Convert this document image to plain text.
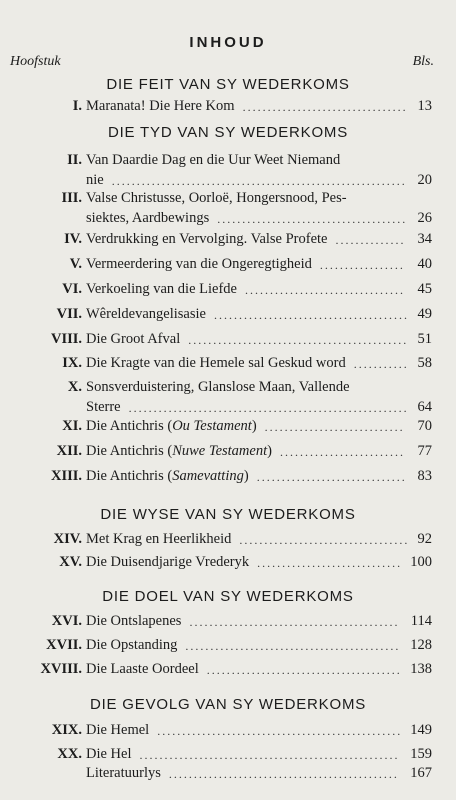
INHOUD
Hoofstuk	Bls.
DIE FEIT VAN SY WEDERKOMS
I. Maranata! Die Here Kom	13
.................................
DIE TYD VAN SY WEDERKOMS
II. Van Daardie Dag en die Uur Weet Niemand
nie	20
...........................................................
III. Valse Christusse, Oorloë, Hongersnood, Pes-
siektes, Aardbewings	26
......................................
IV. Verdrukking en Vervolging. Valse Profete	34
..............
V. Vermeerdering van die Ongeregtigheid	40
.................
VI. Verkoeling van die Liefde	45
................................
VII. Wêreldevangelisasie	49
.......................................
VIII. Die Groot Afval	51
............................................
IX. Die Kragte van die Hemele sal Geskud word	58
...........
X. Sonsverduistering, Glanslose Maan, Vallende
Sterre	64
........................................................
XI. Die Antichris (Ou Testament)	70
............................
XII. Die Antichris (Nuwe Testament)	77
.........................
XIII. Die Antichris (Samevatting)	83
..............................
DIE WYSE VAN SY WEDERKOMS
XIV. Met Krag en Heerlikheid	92
..................................
XV. Die Duisendjarige Vrederyk	100
.............................
DIE DOEL VAN SY WEDERKOMS
XVI. Die Ontslapenes	114
..........................................
XVII. Die Opstanding	128
...........................................
XVIII. Die Laaste Oordeel	138
.......................................
DIE GEVOLG VAN SY WEDERKOMS
XIX. Die Hemel	149
.................................................
XX. Die Hel	159
....................................................
Literatuurlys	167
..............................................
